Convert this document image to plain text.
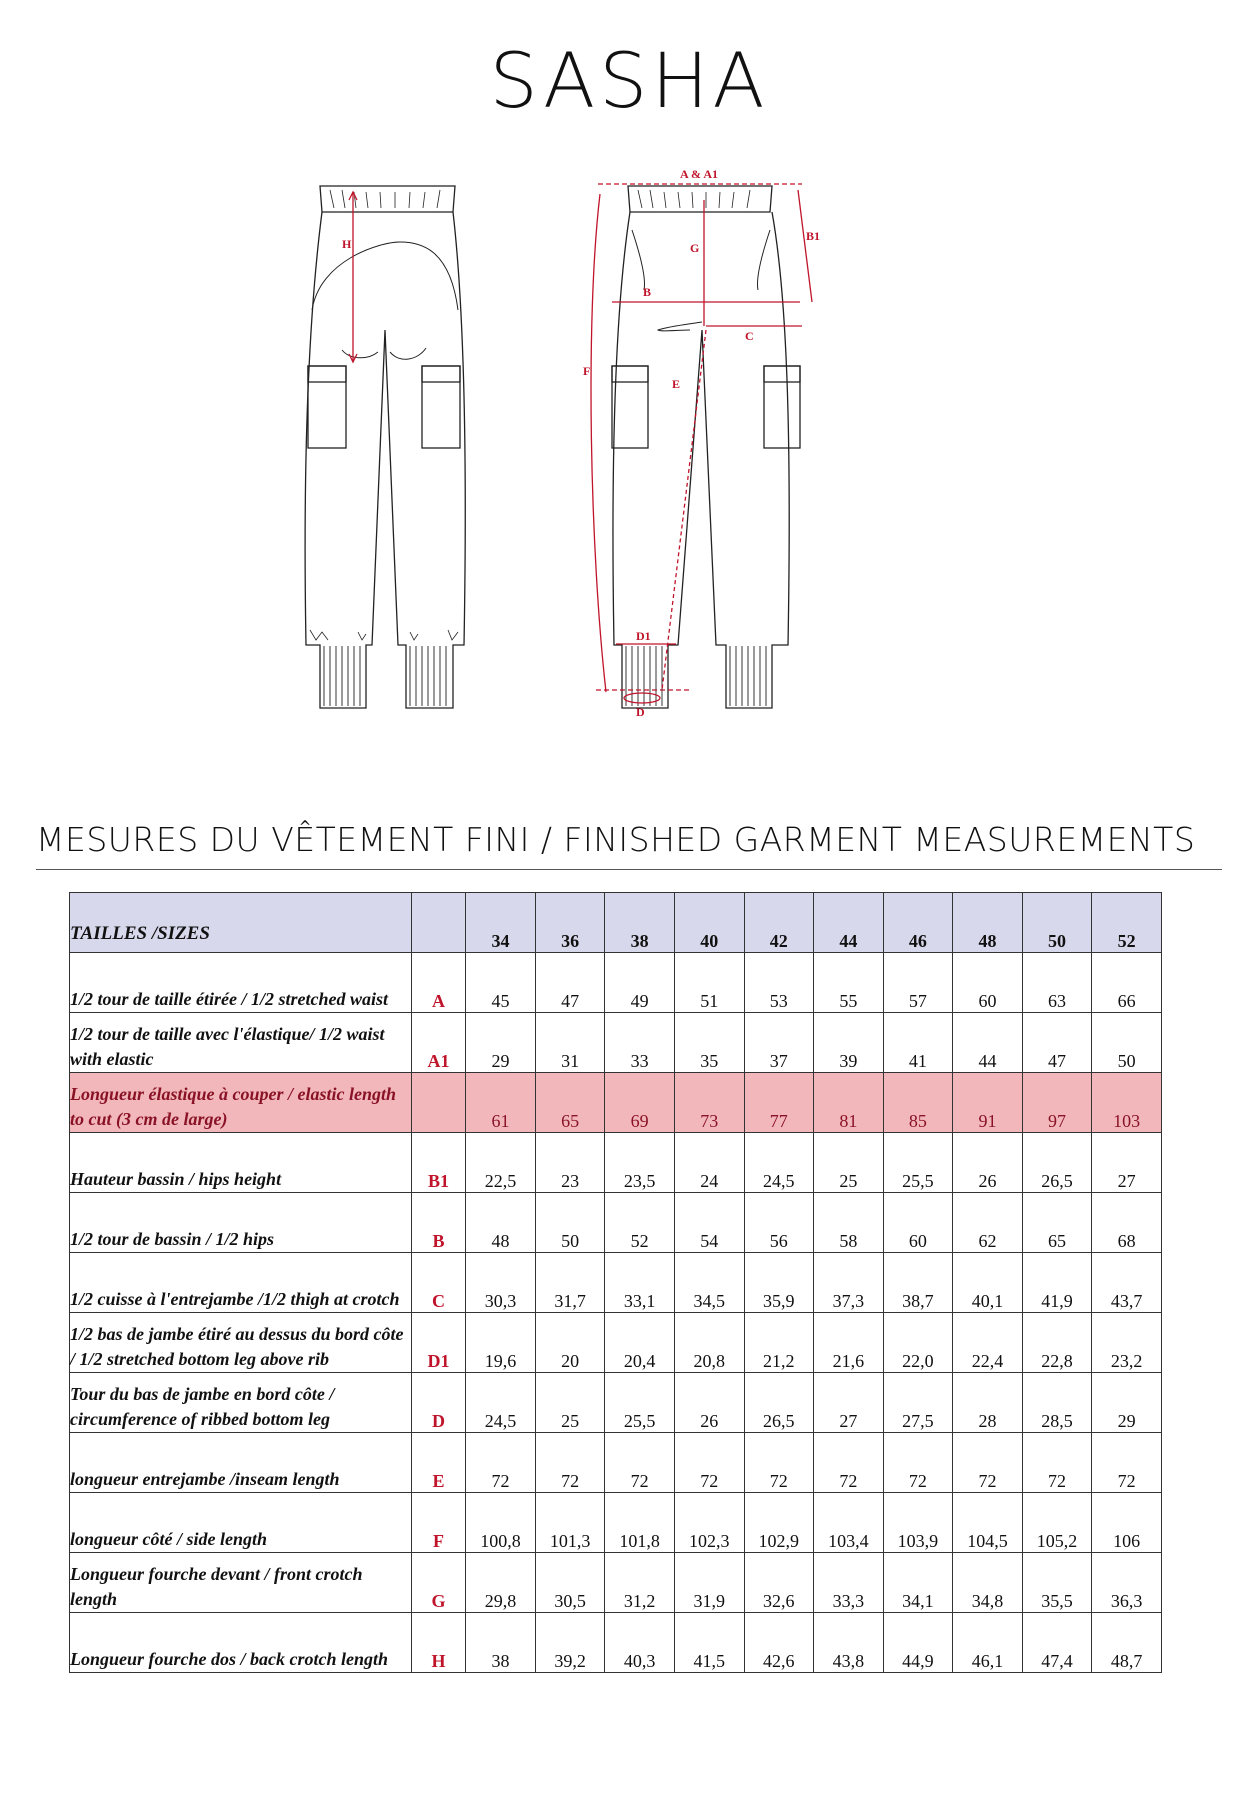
SASHA
H
A & A1
B1
G
B
C
F
E
D1
D
MESURES DU VÊTEMENT FINI / FINISHED GARMENT MEASUREMENTS
TAILLES /SIZES		34	36	38	40	42	44	46	48	50	52
1/2 tour de taille étirée / 1/2 stretched waist	A	45	47	49	51	53	55	57	60	63	66
1/2 tour de taille avec l'élastique/ 1/2 waist with elastic	A1	29	31	33	35	37	39	41	44	47	50
Longueur élastique à couper / elastic length to cut (3 cm de large)		61	65	69	73	77	81	85	91	97	103
Hauteur bassin / hips height	B1	22,5	23	23,5	24	24,5	25	25,5	26	26,5	27
1/2 tour de bassin / 1/2 hips	B	48	50	52	54	56	58	60	62	65	68
1/2 cuisse à l'entrejambe /1/2 thigh at crotch	C	30,3	31,7	33,1	34,5	35,9	37,3	38,7	40,1	41,9	43,7
1/2 bas de jambe étiré au dessus du bord côte / 1/2 stretched bottom leg above rib	D1	19,6	20	20,4	20,8	21,2	21,6	22,0	22,4	22,8	23,2
Tour du bas de jambe en bord côte / circumference of ribbed bottom leg	D	24,5	25	25,5	26	26,5	27	27,5	28	28,5	29
longueur entrejambe /inseam length	E	72	72	72	72	72	72	72	72	72	72
longueur côté / side length	F	100,8	101,3	101,8	102,3	102,9	103,4	103,9	104,5	105,2	106
Longueur fourche devant / front crotch length	G	29,8	30,5	31,2	31,9	32,6	33,3	34,1	34,8	35,5	36,3
Longueur fourche dos / back crotch length	H	38	39,2	40,3	41,5	42,6	43,8	44,9	46,1	47,4	48,7
